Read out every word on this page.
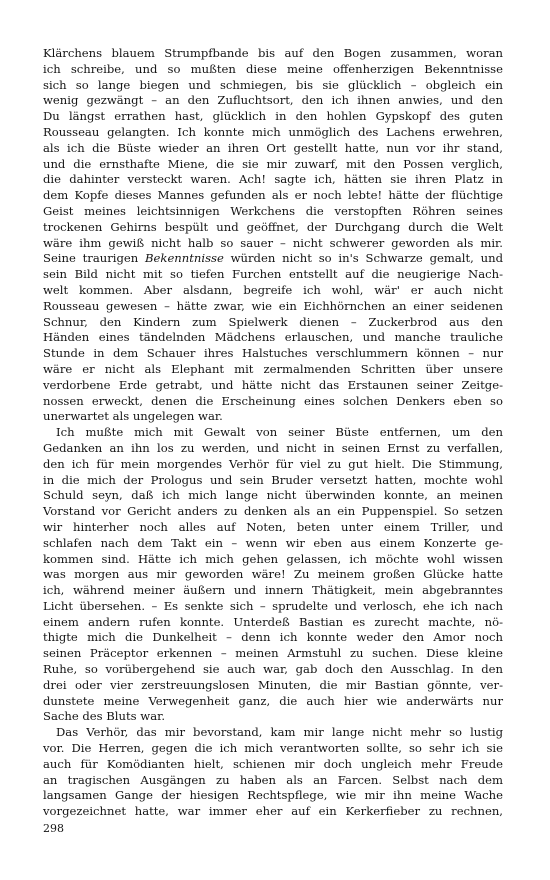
Klärchens blauem Strumpfbande bis auf den Bogen zusammen, woran
ich schreibe, und so mußten diese meine offenherzigen Bekenntnisse
sich so lange biegen und schmiegen, bis sie glücklich – obgleich ein
wenig gezwängt – an den Zufluchtsort, den ich ihnen anwies, und den
Du längst errathen hast, glücklich in den hohlen Gypskopf des guten
Rousseau gelangten. Ich konnte mich unmöglich des Lachens erwehren,
als ich die Büste wieder an ihren Ort gestellt hatte, nun vor ihr stand,
und die ernsthafte Miene, die sie mir zuwarf, mit den Possen verglich,
die dahinter versteckt waren. Ach! sagte ich, hätten sie ihren Platz in
dem Kopfe dieses Mannes gefunden als er noch lebte! hätte der flüchtige
Geist meines leichtsinnigen Werkchens die verstopften Röhren seines
trockenen Gehirns bespült und geöffnet, der Durchgang durch die Welt
wäre ihm gewiß nicht halb so sauer – nicht schwerer geworden als mir.
Seine traurigen Bekenntnisse würden nicht so in's Schwarze gemalt, und
sein Bild nicht mit so tiefen Furchen entstellt auf die neugierige Nach-
welt kommen. Aber alsdann, begreife ich wohl, wär' er auch nicht
Rousseau gewesen – hätte zwar, wie ein Eichhörnchen an einer seidenen
Schnur, den Kindern zum Spielwerk dienen – Zuckerbrod aus den
Händen eines tändelnden Mädchens erlauschen, und manche trauliche
Stunde in dem Schauer ihres Halstuches verschlummern können – nur
wäre er nicht als Elephant mit zermalmenden Schritten über unsere
verdorbene Erde getrabt, und hätte nicht das Erstaunen seiner Zeitge-
nossen erweckt, denen die Erscheinung eines solchen Denkers eben so
unerwartet als ungelegen war.
Ich mußte mich mit Gewalt von seiner Büste entfernen, um den
Gedanken an ihn los zu werden, und nicht in seinen Ernst zu verfallen,
den ich für mein morgendes Verhör für viel zu gut hielt. Die Stimmung,
in die mich der Prologus und sein Bruder versetzt hatten, mochte wohl
Schuld seyn, daß ich mich lange nicht überwinden konnte, an meinen
Vorstand vor Gericht anders zu denken als an ein Puppenspiel. So setzen
wir hinterher noch alles auf Noten, beten unter einem Triller, und
schlafen nach dem Takt ein – wenn wir eben aus einem Konzerte ge-
kommen sind. Hätte ich mich gehen gelassen, ich möchte wohl wissen
was morgen aus mir geworden wäre! Zu meinem großen Glücke hatte
ich, während meiner äußern und innern Thätigkeit, mein abgebranntes
Licht übersehen. – Es senkte sich – sprudelte und verlosch, ehe ich nach
einem andern rufen konnte. Unterdeß Bastian es zurecht machte, nö-
thigte mich die Dunkelheit – denn ich konnte weder den Amor noch
seinen Präceptor erkennen – meinen Armstuhl zu suchen. Diese kleine
Ruhe, so vorübergehend sie auch war, gab doch den Ausschlag. In den
drei oder vier zerstreuungslosen Minuten, die mir Bastian gönnte, ver-
dunstete meine Verwegenheit ganz, die auch hier wie anderwärts nur
Sache des Bluts war.
Das Verhör, das mir bevorstand, kam mir lange nicht mehr so lustig
vor. Die Herren, gegen die ich mich verantworten sollte, so sehr ich sie
auch für Komödianten hielt, schienen mir doch ungleich mehr Freude
an tragischen Ausgängen zu haben als an Farcen. Selbst nach dem
langsamen Gange der hiesigen Rechtspflege, wie mir ihn meine Wache
vorgezeichnet hatte, war immer eher auf ein Kerkerfieber zu rechnen,
298
